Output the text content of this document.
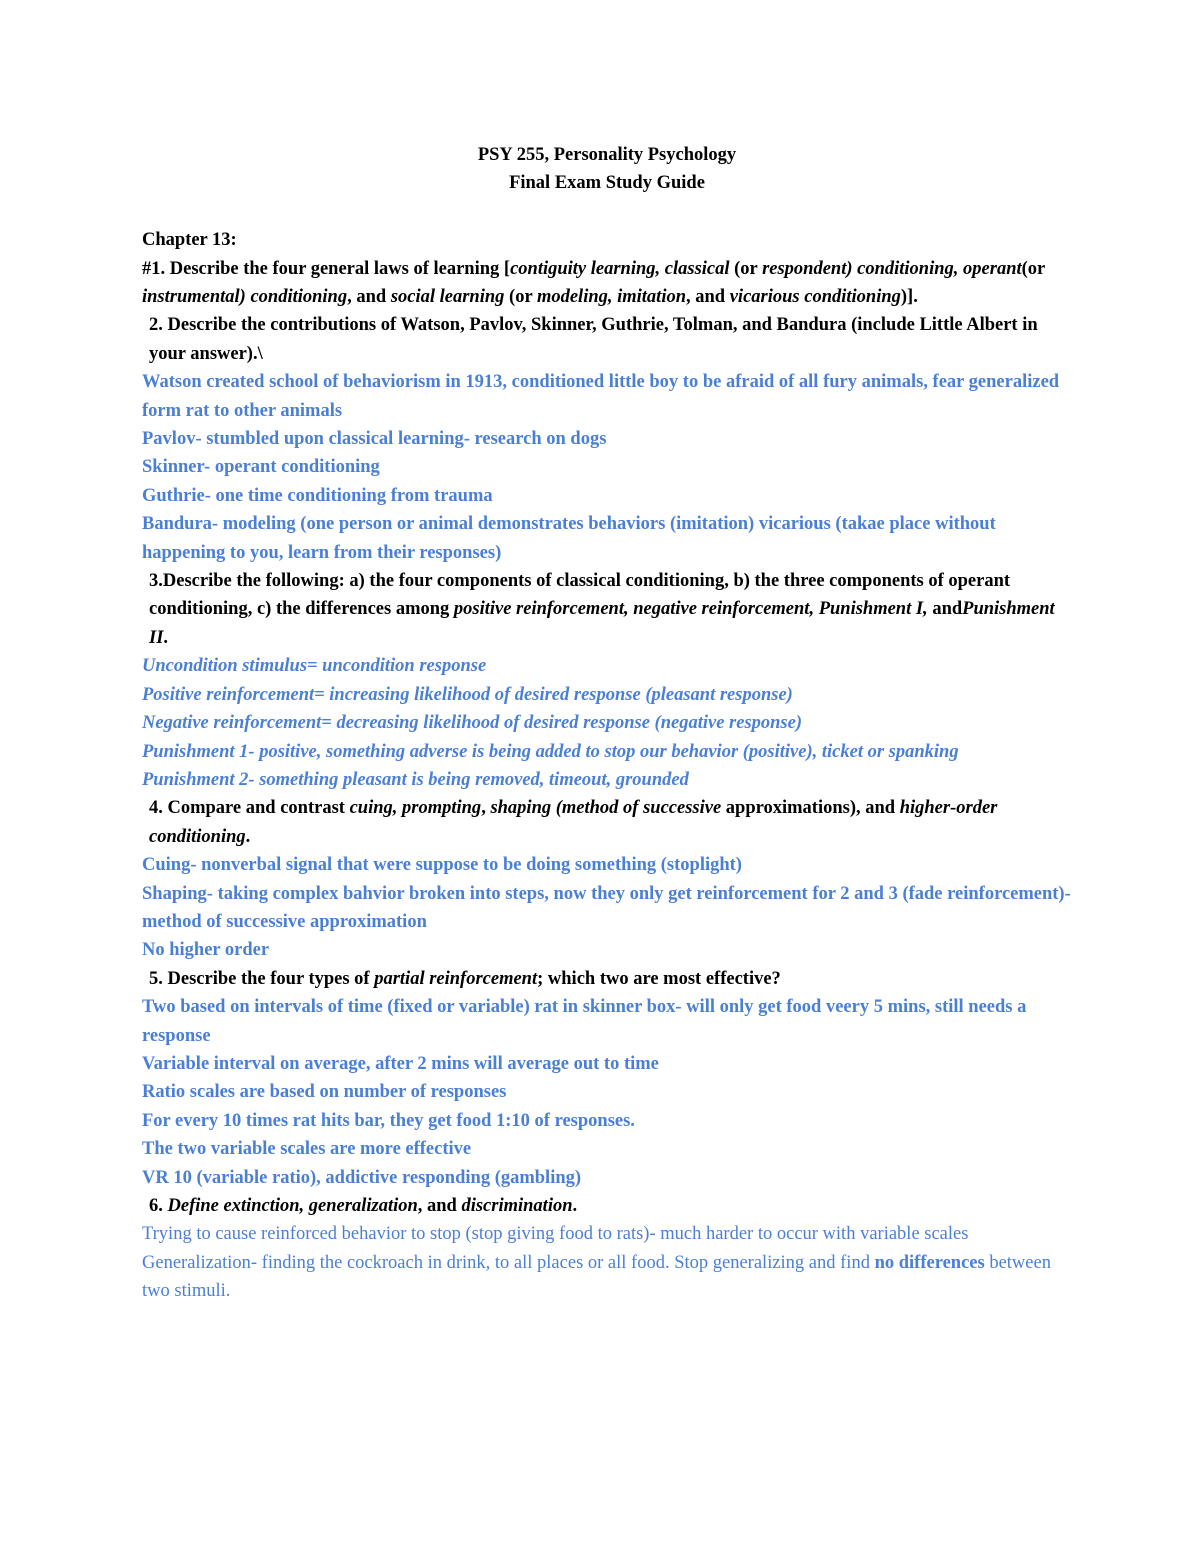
PSY 255, Personality Psychology
Final Exam Study Guide
Chapter 13:
#1. Describe the four general laws of learning [contiguity learning, classical (or respondent) conditioning, operant(or instrumental) conditioning, and social learning (or modeling, imitation, and vicarious conditioning)].
2. Describe the contributions of Watson, Pavlov, Skinner, Guthrie, Tolman, and Bandura (include Little Albert in your answer).\
Watson created school of behaviorism in 1913, conditioned little boy to be afraid of all fury animals, fear generalized form rat to other animals
Pavlov- stumbled upon classical learning- research on dogs
Skinner- operant conditioning
Guthrie- one time conditioning from trauma
Bandura- modeling (one person or animal demonstrates behaviors (imitation) vicarious (takae place without happening to you, learn from their responses)
3.Describe the following: a) the four components of classical conditioning, b) the three components of operant conditioning, c) the differences among positive reinforcement, negative reinforcement, Punishment I, andPunishment II.
Uncondition stimulus= uncondition response
Positive reinforcement= increasing likelihood of desired response (pleasant response)
Negative reinforcement= decreasing likelihood of desired response (negative response)
Punishment 1- positive, something adverse is being added to stop our behavior (positive), ticket or spanking
Punishment 2- something pleasant is being removed, timeout, grounded
4. Compare and contrast cuing, prompting, shaping (method of successive approximations), and higher-order conditioning.
Cuing- nonverbal signal that were suppose to be doing something (stoplight)
Shaping- taking complex bahvior broken into steps, now they only get reinforcement for 2 and 3 (fade reinforcement)- method of successive approximation
No higher order
5. Describe the four types of partial reinforcement; which two are most effective?
Two based on intervals of time (fixed or variable) rat in skinner box- will only get food veery 5 mins, still needs a response
Variable interval on average, after 2 mins will average out to time
Ratio scales are based on number of responses
For every 10 times rat hits bar, they get food 1:10 of responses.
The two variable scales are more effective
VR 10 (variable ratio), addictive responding (gambling)
6. Define extinction, generalization, and discrimination.
Trying to cause reinforced behavior to stop (stop giving food to rats)- much harder to occur with variable scales
Generalization- finding the cockroach in drink, to all places or all food. Stop generalizing and find no differences between two stimuli.
